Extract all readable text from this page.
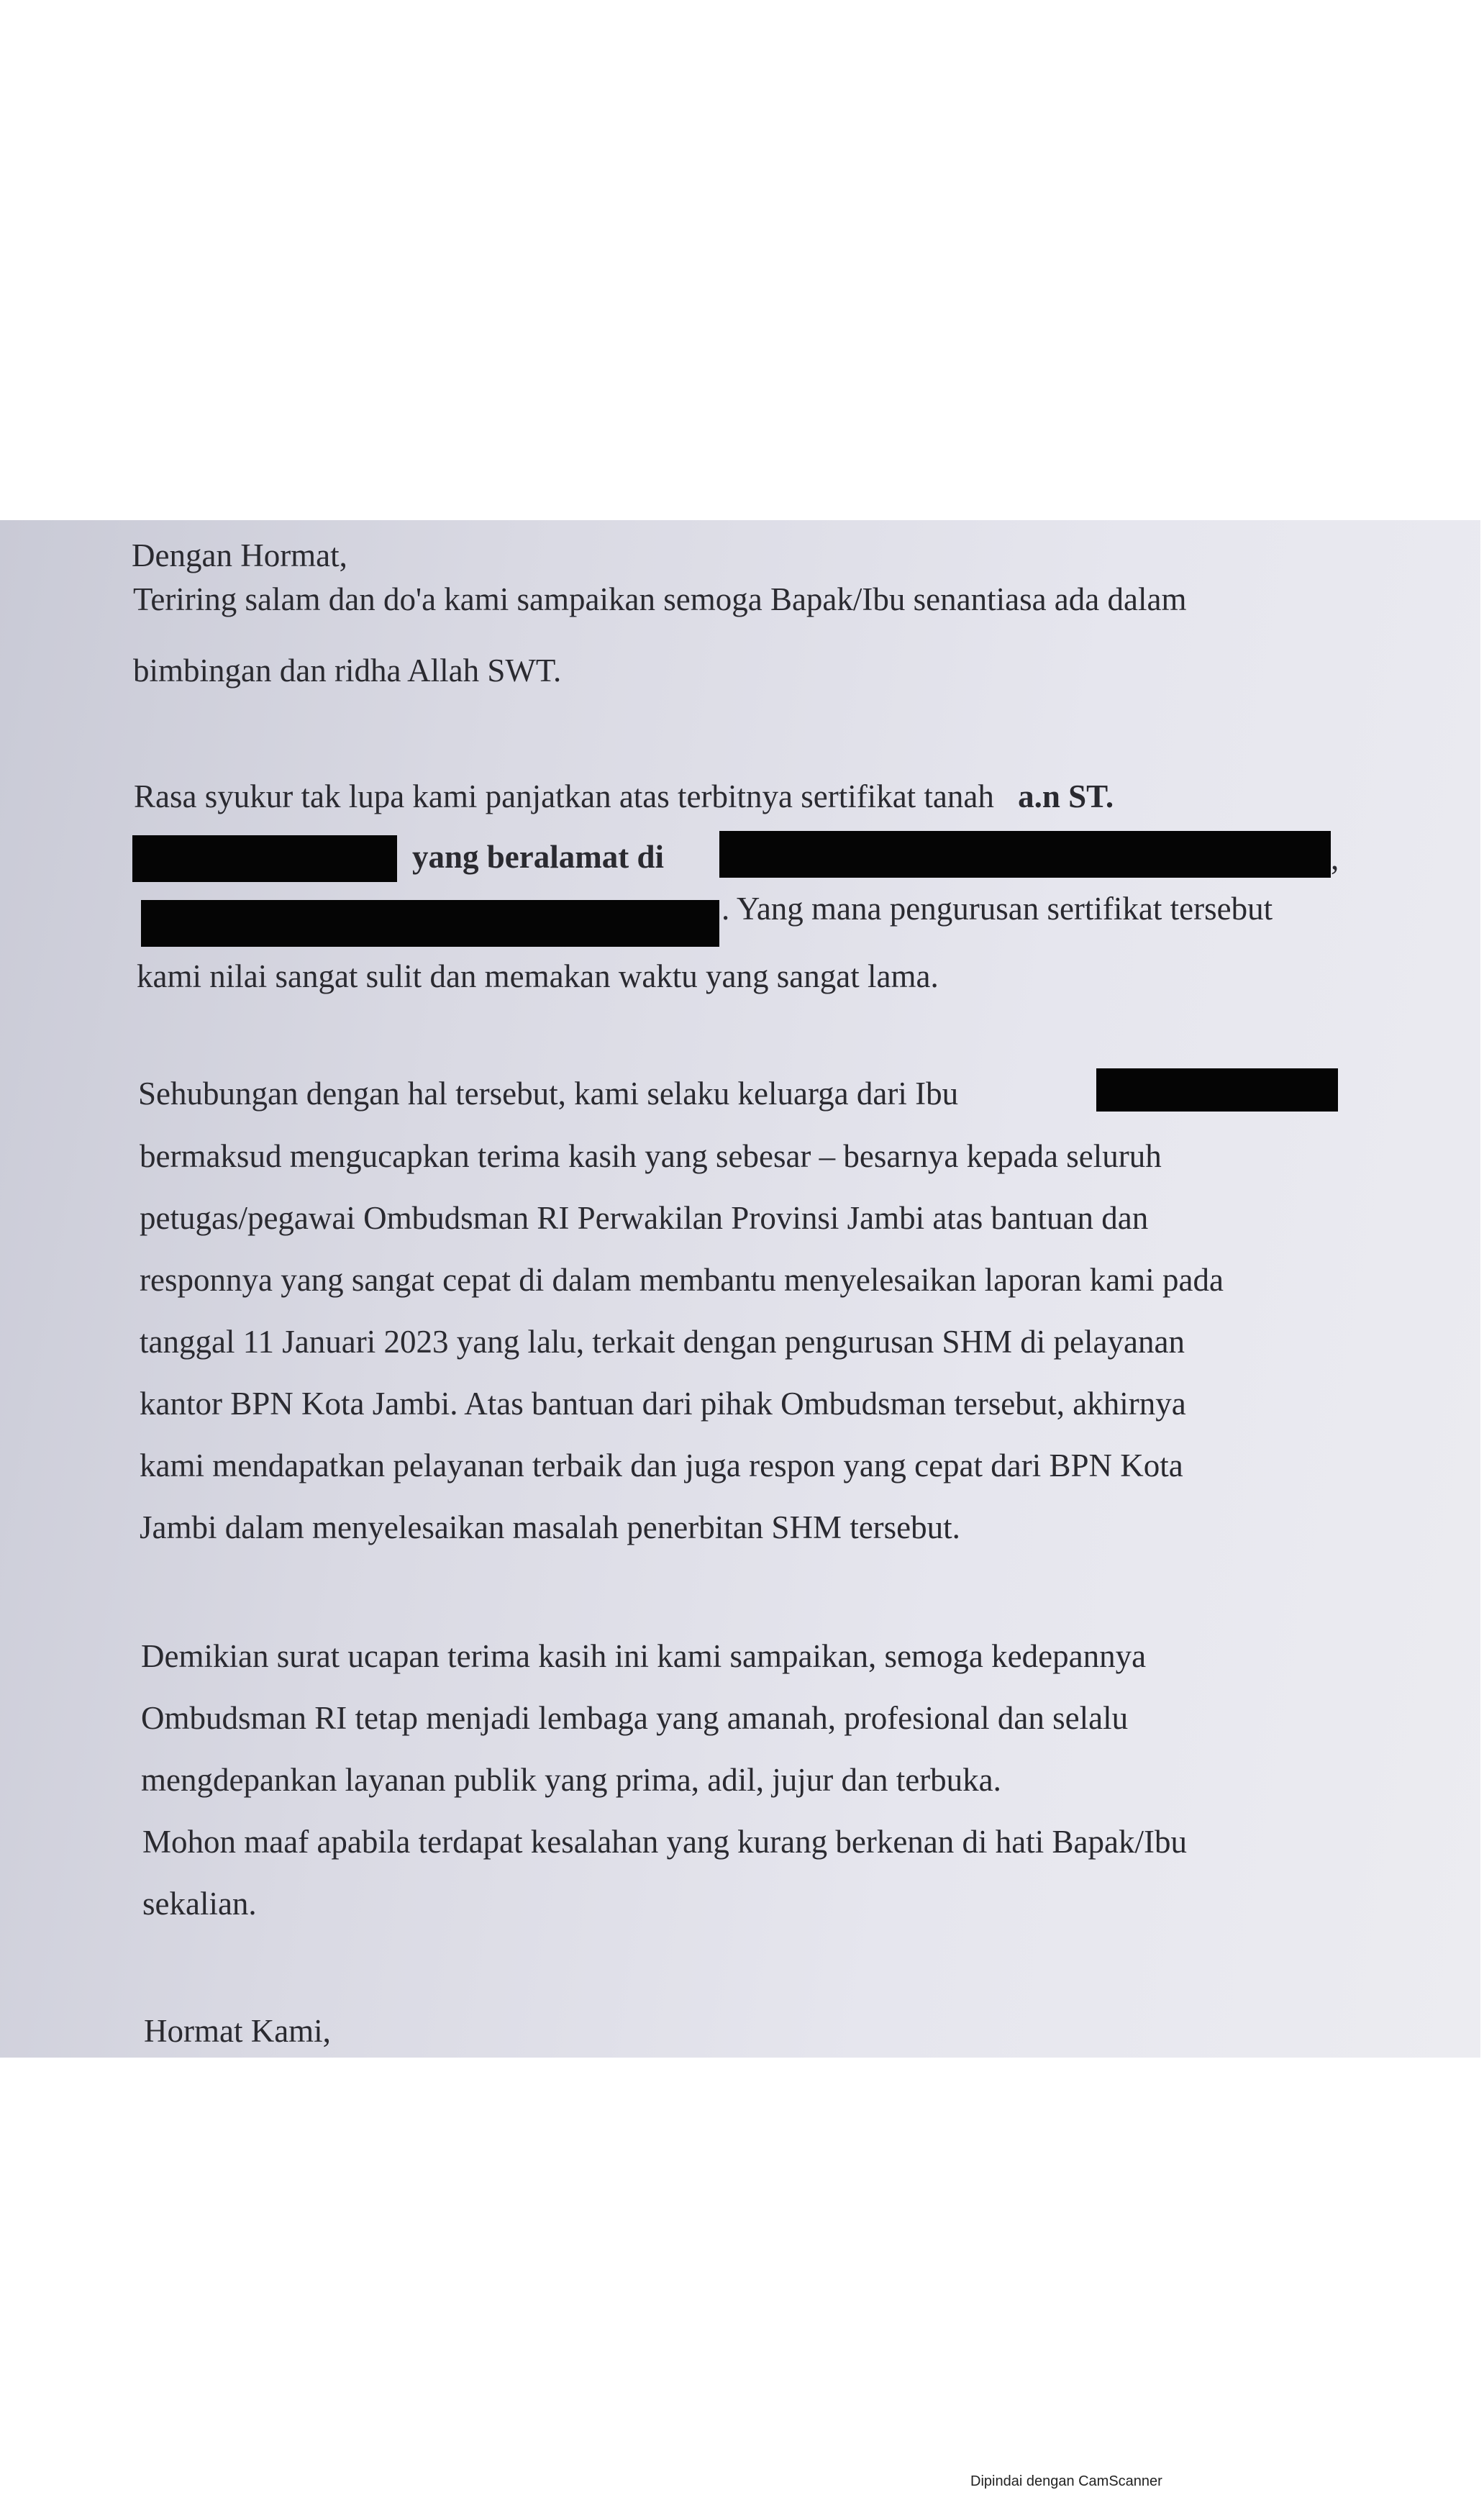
Dengan Hormat,
Teriring salam dan do'a kami sampaikan semoga Bapak/Ibu senantiasa ada dalam
bimbingan dan ridha Allah SWT.
Rasa syukur tak lupa kami panjatkan atas terbitnya sertifikat tanah a.n ST.
yang beralamat di	,
. Yang mana pengurusan sertifikat tersebut
kami nilai sangat sulit dan memakan waktu yang sangat lama.
Sehubungan dengan hal tersebut, kami selaku keluarga dari Ibu
bermaksud mengucapkan terima kasih yang sebesar – besarnya kepada seluruh
petugas/pegawai Ombudsman RI Perwakilan Provinsi Jambi atas bantuan dan
responnya yang sangat cepat di dalam membantu menyelesaikan laporan kami pada
tanggal 11 Januari 2023 yang lalu, terkait dengan pengurusan SHM di pelayanan
kantor BPN Kota Jambi. Atas bantuan dari pihak Ombudsman tersebut, akhirnya
kami mendapatkan pelayanan terbaik dan juga respon yang cepat dari BPN Kota
Jambi dalam menyelesaikan masalah penerbitan SHM tersebut.
Demikian surat ucapan terima kasih ini kami sampaikan, semoga kedepannya
Ombudsman RI tetap menjadi lembaga yang amanah, profesional dan selalu
mengdepankan layanan publik yang prima, adil, jujur dan terbuka.
Mohon maaf apabila terdapat kesalahan yang kurang berkenan di hati Bapak/Ibu
sekalian.
Hormat Kami,
Dipindai dengan CamScanner
